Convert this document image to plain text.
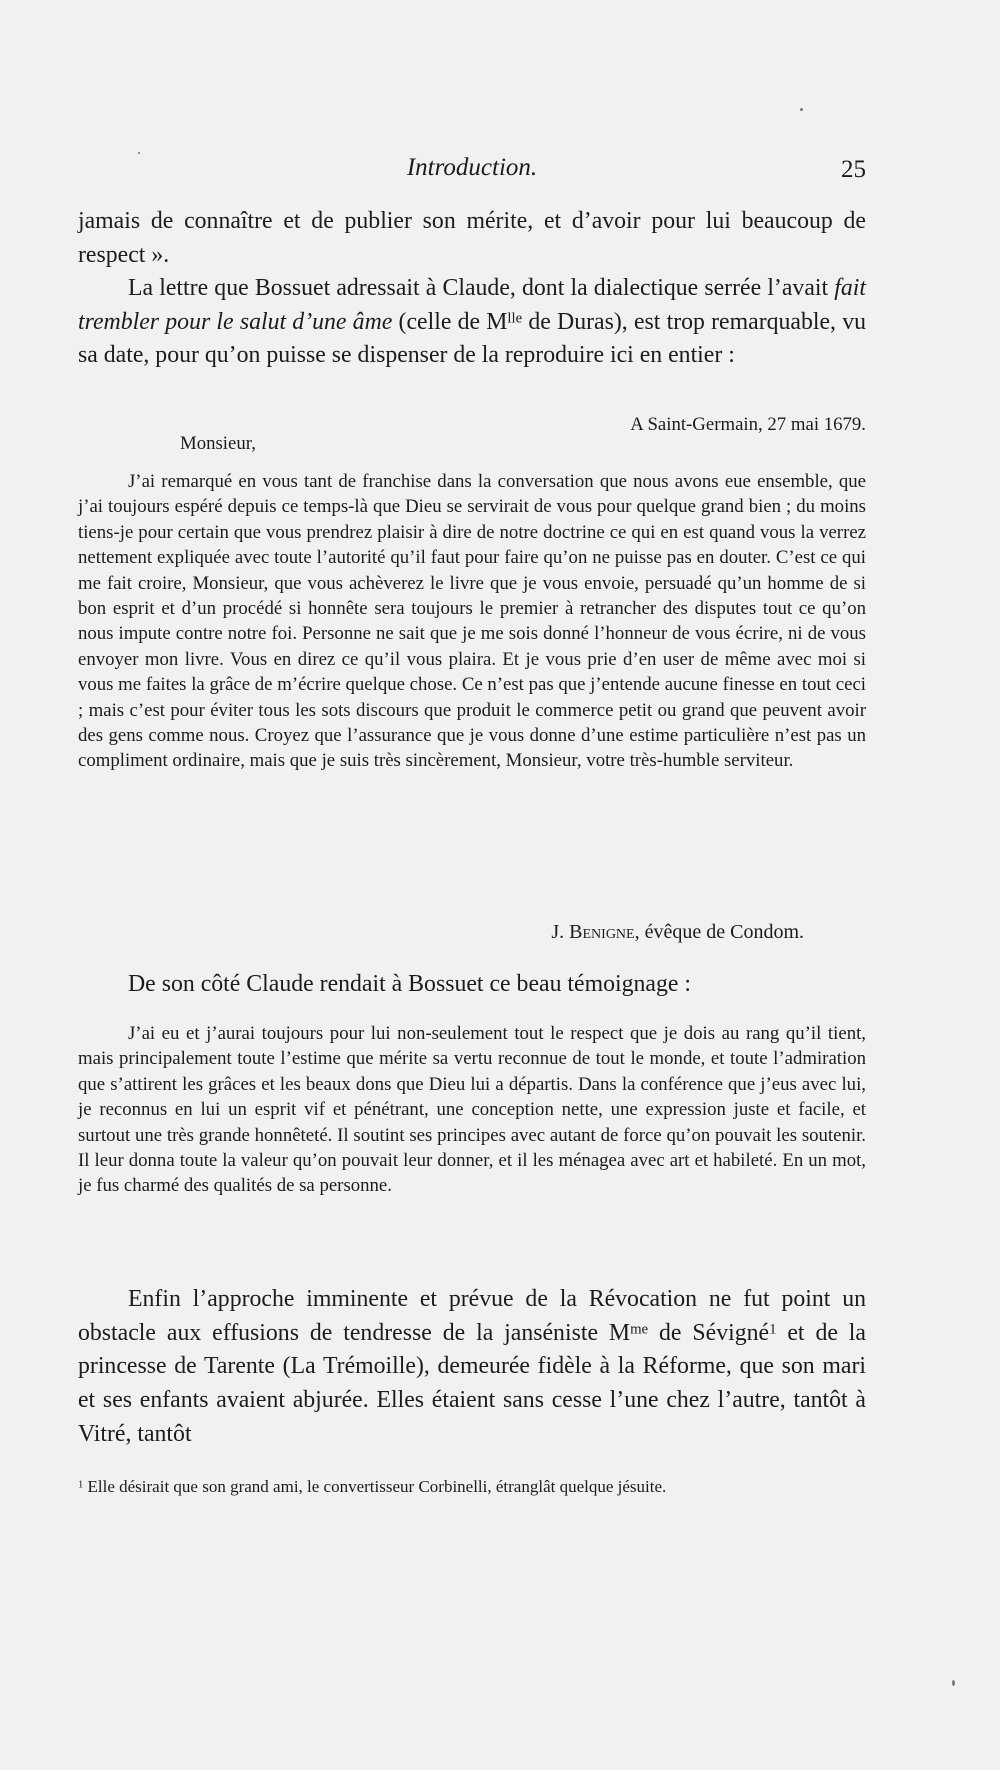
Introduction.	25

jamais de connaître et de publier son mérite, et d’avoir pour lui beaucoup de respect ».

La lettre que Bossuet adressait à Claude, dont la dialectique serrée l’avait fait trembler pour le salut d’une âme (celle de $M^{lle}$ de Duras), est trop remarquable, vu sa date, pour qu’on puisse se dispenser de la reproduire ici en entier :

A Saint-Germain, 27 mai 1679.
Monsieur,

J’ai remarqué en vous tant de franchise dans la conversation que nous avons eue ensemble, que j’ai toujours espéré depuis ce temps-là que Dieu se servirait de vous pour quelque grand bien ; du moins tiens-je pour certain que vous prendrez plaisir à dire de notre doctrine ce qui en est quand vous la verrez nettement expliquée avec toute l’autorité qu’il faut pour faire qu’on ne puisse pas en douter. C’est ce qui me fait croire, Monsieur, que vous achèverez le livre que je vous envoie, persuadé qu’un homme de si bon esprit et d’un procédé si honnête sera toujours le premier à retrancher des disputes tout ce qu’on nous impute contre notre foi. Personne ne sait que je me sois donné l’honneur de vous écrire, ni de vous envoyer mon livre. Vous en direz ce qu’il vous plaira. Et je vous prie d’en user de même avec moi si vous me faites la grâce de m’écrire quelque chose. Ce n’est pas que j’entende aucune finesse en tout ceci ; mais c’est pour éviter tous les sots discours que produit le commerce petit ou grand que peuvent avoir des gens comme nous. Croyez que l’assurance que je vous donne d’une estime particulière n’est pas un compliment ordinaire, mais que je suis très sincèrement, Monsieur, votre très-humble serviteur.

J. Benigne, évêque de Condom.

De son côté Claude rendait à Bossuet ce beau témoignage :

J’ai eu et j’aurai toujours pour lui non-seulement tout le respect que je dois au rang qu’il tient, mais principalement toute l’estime que mérite sa vertu reconnue de tout le monde, et toute l’admiration que s’attirent les grâces et les beaux dons que Dieu lui a départis. Dans la conférence que j’eus avec lui, je reconnus en lui un esprit vif et pénétrant, une conception nette, une expression juste et facile, et surtout une très grande honnêteté. Il soutint ses principes avec autant de force qu’on pouvait les soutenir. Il leur donna toute la valeur qu’on pouvait leur donner, et il les ménagea avec art et habileté. En un mot, je fus charmé des qualités de sa personne.

Enfin l’approche imminente et prévue de la Révocation ne fut point un obstacle aux effusions de tendresse de la janséniste $M^{me}$ de Sévigné$^1$ et de la princesse de Tarente (La Trémoille), demeurée fidèle à la Réforme, que son mari et ses enfants avaient abjurée. Elles étaient sans cesse l’une chez l’autre, tantôt à Vitré, tantôt

$^1$ Elle désirait que son grand ami, le convertisseur Corbinelli, étranglât quelque jésuite.
